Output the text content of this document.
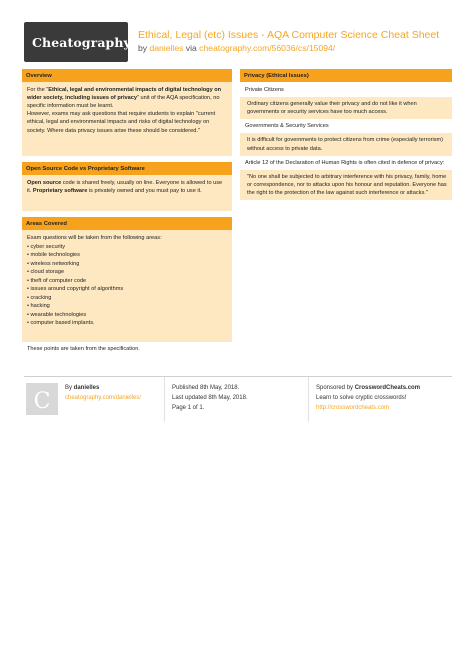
Cheatography Ethical, Legal (etc) Issues - AQA Computer Science Cheat Sheet
by danielles via cheatography.com/56036/cs/15094/
Overview
For the "Ethical, legal and environmental impacts of digital technology on wider society, including issues of privacy" unit of the AQA specification, no specific information must be learnt.
However, exams may ask questions that require students to explain "current ethical, legal and environmental impacts and risks of digital technology on society. Where data privacy issues arise these should be considered."
Open Source Code vs Proprietary Software
Open source code is shared freely, usually on line. Everyone is allowed to use it. Proprietary software is privately owned and you must pay to use it.
Areas Covered
Exam questions will be taken from the following areas:
• cyber security
• mobile technologies
• wireless networking
• cloud storage
• theft of computer code
• issues around copyright of algorithms
• cracking
• hacking
• wearable technologies
• computer based implants.
These points are taken from the specification.
Privacy (Ethical Issues)
Private Citizens
Ordinary citizens generally value their privacy and do not like it when governments or security services have too much access.
Governments & Security Services
It is difficult for governments to protect citizens from crime (especially terrorism) without access to private data.
Article 12 of the Declaration of Human Rights is often cited in defence of privacy:
"No one shall be subjected to arbitrary interference with his privacy, family, home or correspondence, nor to attacks upon his honour and reputation. Everyone has the right to the protection of the law against such interference or attacks."
C
By danielles
cheatography.com/danielles/
Published 8th May, 2018.
Last updated 8th May, 2018.
Page 1 of 1.
Sponsored by CrosswordCheats.com
Learn to solve cryptic crosswords!
http://crosswordcheats.com
